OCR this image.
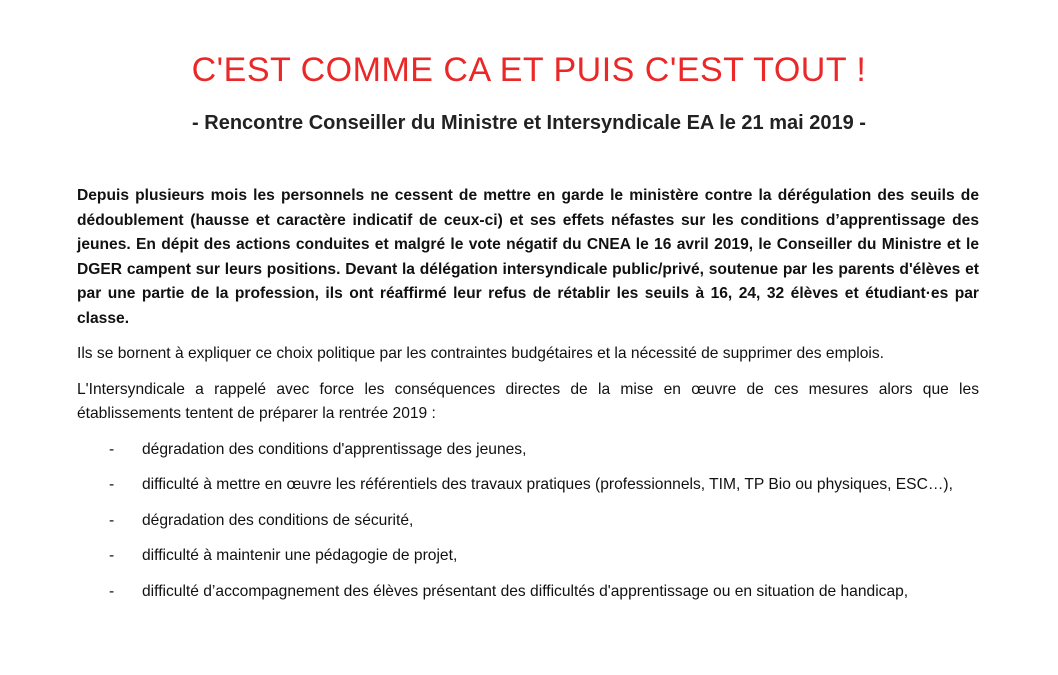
C'EST COMME CA ET PUIS C'EST TOUT !
- Rencontre Conseiller du Ministre et Intersyndicale EA le 21 mai 2019 -

Depuis plusieurs mois les personnels ne cessent de mettre en garde le ministère contre la dérégulation des seuils de dédoublement (hausse et caractère indicatif de ceux-ci) et ses effets néfastes sur les conditions d’apprentissage des jeunes. En dépit des actions conduites et malgré le vote négatif du CNEA le 16 avril 2019, le Conseiller du Ministre et le DGER campent sur leurs positions. Devant la délégation intersyndicale public/privé, soutenue par les parents d'élèves et par une partie de la profession, ils ont réaffirmé leur refus de rétablir les seuils à 16, 24, 32 élèves et étudiant·es par classe.

Ils se bornent à expliquer ce choix politique par les contraintes budgétaires et la nécessité de supprimer des emplois.

L'Intersyndicale a rappelé avec force les conséquences directes de la mise en œuvre de ces mesures alors que les établissements tentent de préparer la rentrée 2019 :

- dégradation des conditions d'apprentissage des jeunes,
- difficulté à mettre en œuvre les référentiels des travaux pratiques (professionnels, TIM, TP Bio ou physiques, ESC…),
- dégradation des conditions de sécurité,
- difficulté à maintenir une pédagogie de projet,
- difficulté d’accompagnement des élèves présentant des difficultés d'apprentissage ou en situation de handicap,
